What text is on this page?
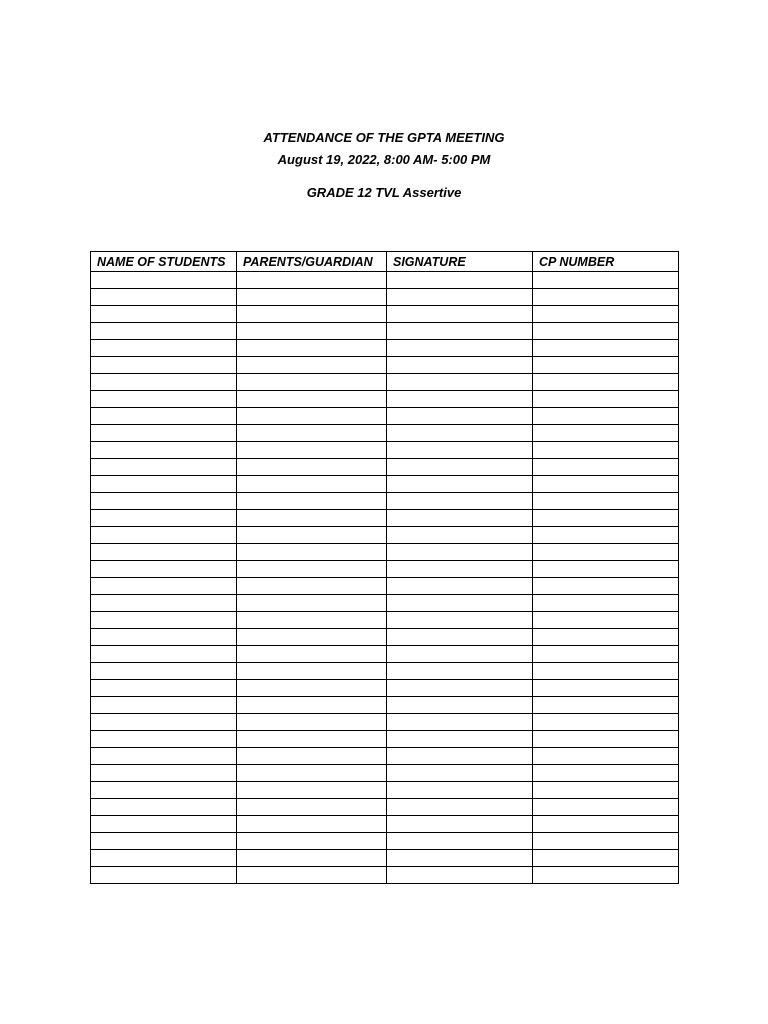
ATTENDANCE OF THE GPTA MEETING
August 19, 2022, 8:00 AM- 5:00 PM
GRADE 12 TVL Assertive
NAME OF STUDENTS	PARENTS/GUARDIAN	SIGNATURE	CP NUMBER
